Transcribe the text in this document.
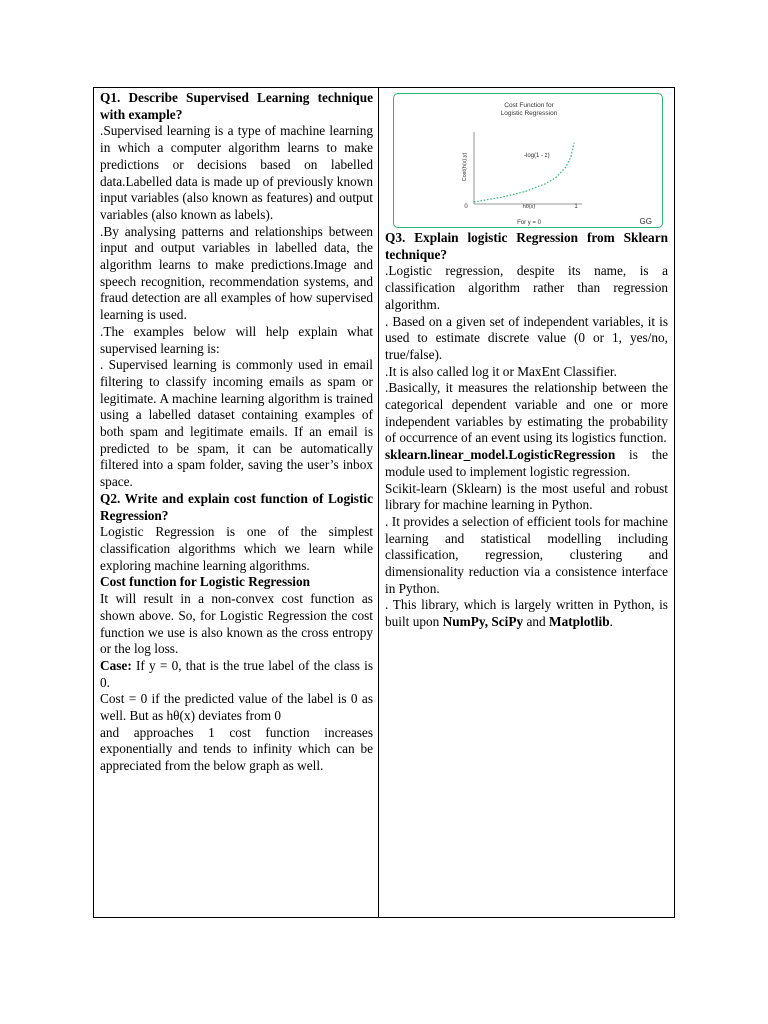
Q1. Describe Supervised Learning technique with example?

.Supervised learning is a type of machine learning in which a computer algorithm learns to make predictions or decisions based on labelled data.Labelled data is made up of previously known input variables (also known as features) and output variables (also known as labels).

.By analysing patterns and relationships between input and output variables in labelled data, the algorithm learns to make predictions.Image and speech recognition, recommendation systems, and fraud detection are all examples of how supervised learning is used.

.The examples below will help explain what supervised learning is:

. Supervised learning is commonly used in email filtering to classify incoming emails as spam or legitimate. A machine learning algorithm is trained using a labelled dataset containing examples of both spam and legitimate emails. If an email is predicted to be spam, it can be automatically filtered into a spam folder, saving the user’s inbox space.

Q2. Write and explain cost function of Logistic Regression?

Logistic Regression is one of the simplest classification algorithms which we learn while exploring machine learning algorithms.

Cost function for Logistic Regression

It will result in a non-convex cost function as shown above. So, for Logistic Regression the cost function we use is also known as the cross entropy or the log loss.

Case: If y = 0, that is the true label of the class is 0.

Cost = 0 if the predicted value of the label is 0 as well. But as hθ(x) deviates from 0

and approaches 1 cost function increases exponentially and tends to infinity which can be appreciated from the below graph as well.

Cost Function for
Logistic Regression
Cost(h(x),y)	-log(1 - z)
0	1
hθ(x)
For y = 0	GG

Q3. Explain logistic Regression from Sklearn technique?

.Logistic regression, despite its name, is a classification algorithm rather than regression algorithm.

. Based on a given set of independent variables, it is used to estimate discrete value (0 or 1, yes/no, true/false).

.It is also called log it or MaxEnt Classifier.

.Basically, it measures the relationship between the categorical dependent variable and one or more independent variables by estimating the probability of occurrence of an event using its logistics function.

sklearn.linear_model.LogisticRegression is the module used to implement logistic regression.

Scikit-learn (Sklearn) is the most useful and robust library for machine learning in Python.

. It provides a selection of efficient tools for machine learning and statistical modelling including classification, regression, clustering and dimensionality reduction via a consistence interface in Python.

. This library, which is largely written in Python, is built upon NumPy, SciPy and Matplotlib.
